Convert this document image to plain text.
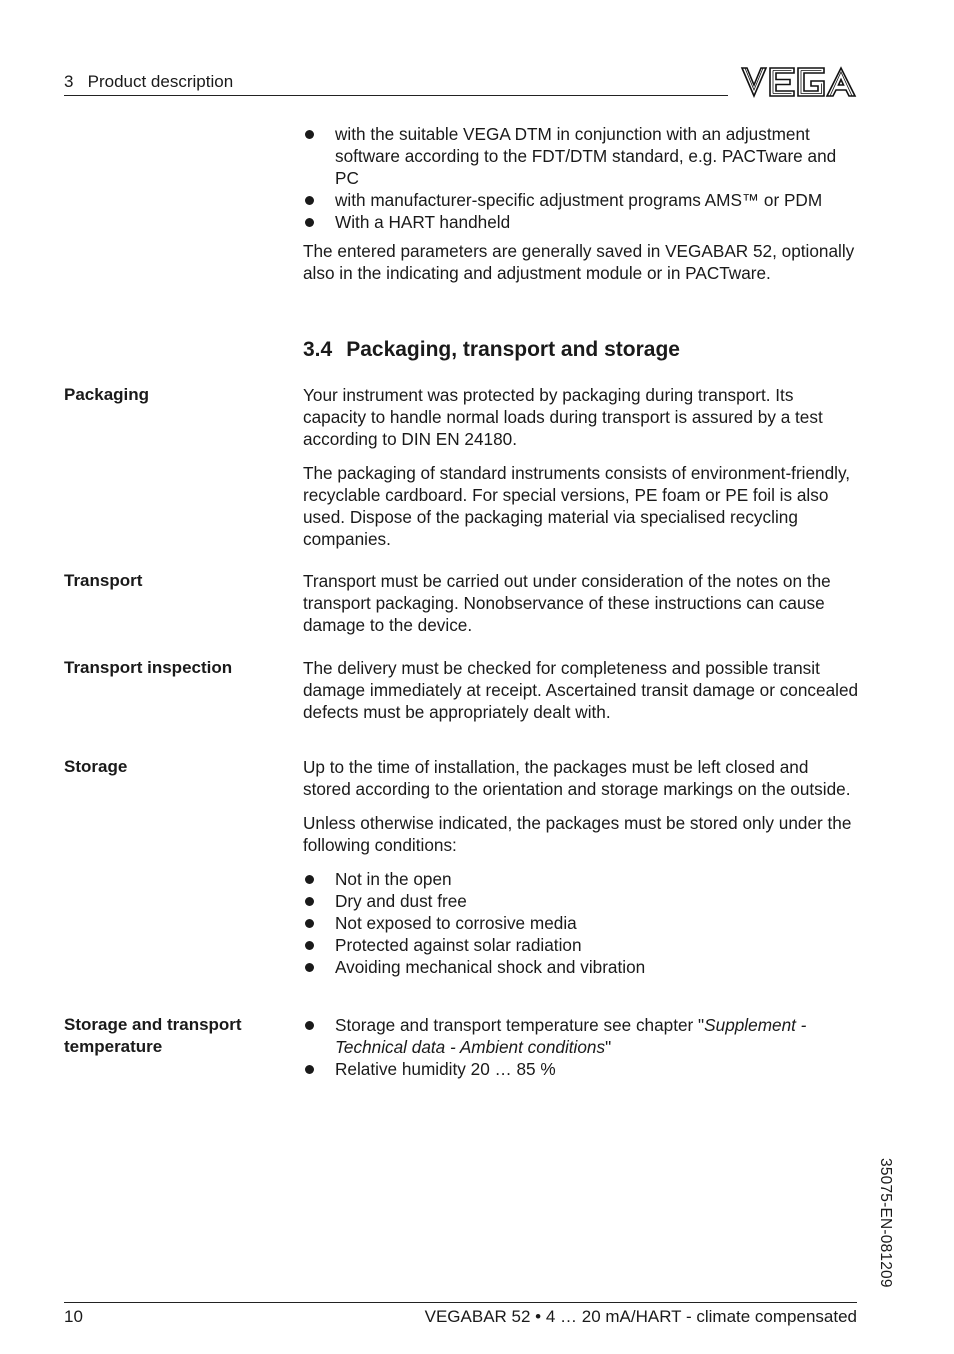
3   Product description
with the suitable VEGA DTM in conjunction with an adjustment software according to the FDT/DTM standard, e.g. PACTware and PC
with manufacturer-specific adjustment programs AMS™ or PDM
With a HART handheld

The entered parameters are generally saved in VEGABAR 52, optionally also in the indicating and adjustment module or in PACTware.

3.4 Packaging, transport and storage
Packaging	Your instrument was protected by packaging during transport. Its capacity to handle normal loads during transport is assured by a test according to DIN EN 24180.

The packaging of standard instruments consists of environment-friendly, recyclable cardboard. For special versions, PE foam or PE foil is also used. Dispose of the packaging material via specialised recycling companies.

Transport	Transport must be carried out under consideration of the notes on the transport packaging. Nonobservance of these instructions can cause damage to the device.

Transport inspection	The delivery must be checked for completeness and possible transit damage immediately at receipt. Ascertained transit damage or concealed defects must be appropriately dealt with.

Storage	Up to the time of installation, the packages must be left closed and stored according to the orientation and storage markings on the outside.

Unless otherwise indicated, the packages must be stored only under the following conditions:

Not in the open
Dry and dust free
Not exposed to corrosive media
Protected against solar radiation
Avoiding mechanical shock and vibration
Storage and transport temperature
Storage and transport temperature see chapter "Supplement - Technical data - Ambient conditions"
Relative humidity 20 … 85 %
35075-EN-081209
10	VEGABAR 52 • 4 … 20 mA/HART - climate compensated
